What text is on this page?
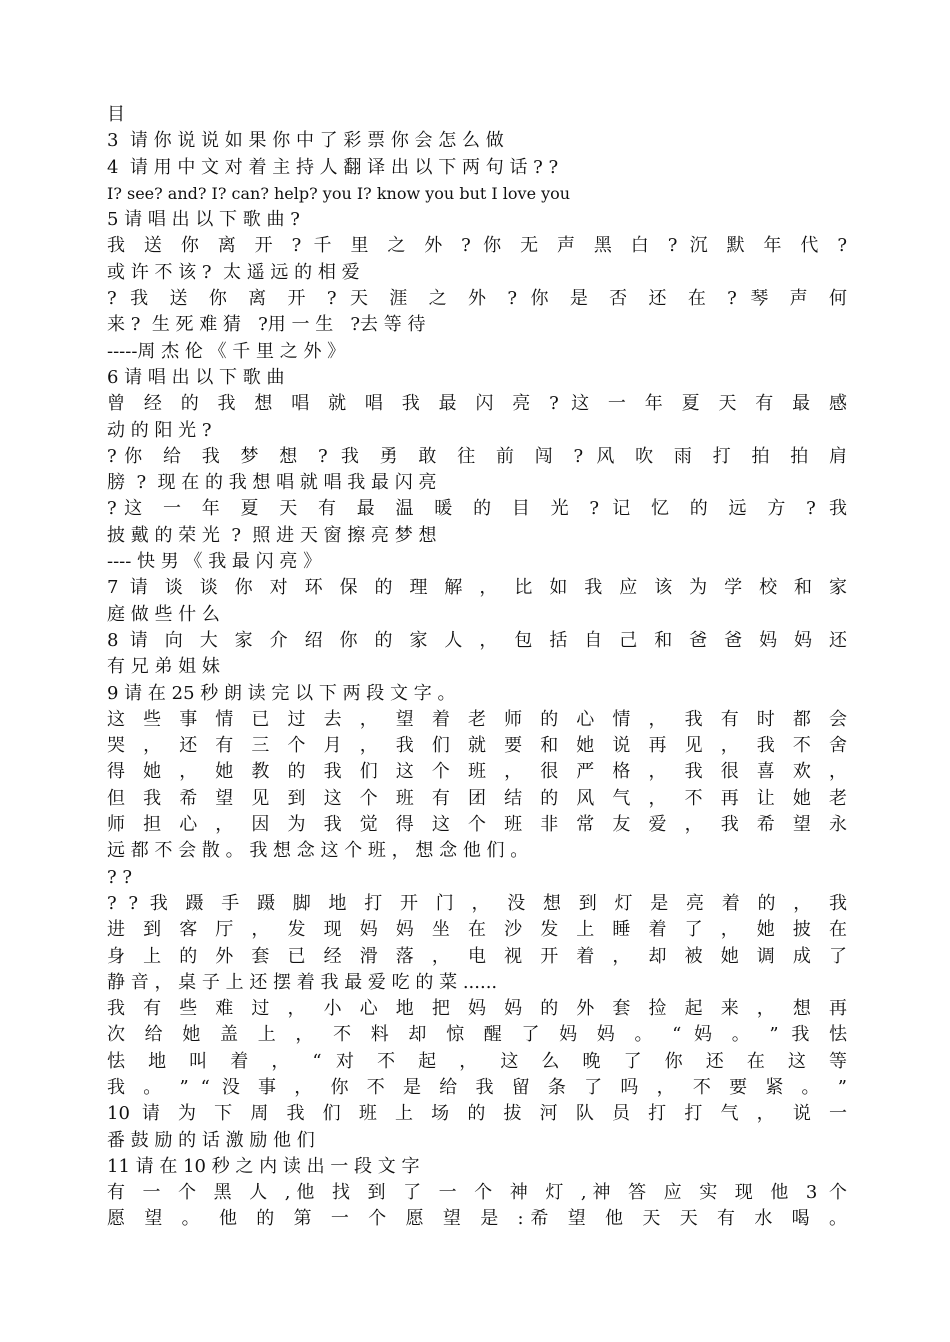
目
3  请 你 说 说 如 果 你 中 了 彩 票 你 会 怎 么 做
4  请 用 中 文 对 着 主 持 人 翻 译 出 以 下 两 句 话 ? ?
I? see? and? I? can? help? you I? know you but I love you
5 请 唱 出 以 下 歌 曲 ?
我 送 你 离 开 ? 千 里 之 外 ? 你 无 声 黑 白 ? 沉 默 年 代 ?
或 许 不 该 ?  太 遥 远 的 相 爱
? 我 送 你 离 开 ? 天 涯 之 外 ? 你 是 否 还 在 ? 琴 声 何
来 ?  生 死 难 猜   ?用 一 生   ?去 等 待
-----周 杰 伦 《 千 里 之 外 》
6 请 唱 出 以 下 歌 曲
曾 经 的 我 想 唱 就 唱 我 最 闪 亮 ? 这 一 年 夏 天 有 最 感
动 的 阳 光 ?
?你 给 我 梦 想 ? 我 勇 敢 往 前 闯 ? 风 吹 雨 打 拍 拍 肩
膀  ?  现 在 的 我 想 唱 就 唱 我 最 闪 亮
?这 一 年 夏 天 有 最 温 暖 的 目 光 ? 记 忆 的 远 方 ? 我
披 戴 的 荣 光  ?  照 进 天 窗 擦 亮 梦 想
---- 快 男 《 我 最 闪 亮 》
7 请 谈 谈 你 对 环 保 的 理 解 ， 比 如 我 应 该 为 学 校 和 家
庭 做 些 什 么
8 请 向 大 家 介 绍 你 的 家 人 ， 包 括 自 己 和 爸 爸 妈 妈 还
有 兄 弟 姐 妹
9 请 在 25 秒 朗 读 完 以 下 两 段 文 字 。
这 些 事 情 已 过 去 ， 望 着 老 师 的 心 情 ， 我 有 时 都 会
哭 ， 还 有 三 个 月 ， 我 们 就 要 和 她 说 再 见 ， 我 不 舍
得 她 ， 她 教 的 我 们 这 个 班 ， 很 严 格 ， 我 很 喜 欢 ，
但 我 希 望 见 到 这 个 班 有 团 结 的 风 气 ， 不 再 让 她 老
师 担 心 ， 因 为 我 觉 得 这 个 班 非 常 友 爱 ， 我 希 望 永
远 都 不 会 散 。 我 想 念 这 个 班 ， 想 念 他 们 。
? ?
? ? 我 蹑 手 蹑 脚 地 打 开 门 ， 没 想 到 灯 是 亮 着 的 ， 我
进 到 客 厅 ， 发 现 妈 妈 坐 在 沙 发 上 睡 着 了 ， 她 披 在
身 上 的 外 套 已 经 滑 落 ， 电 视 开 着 ， 却 被 她 调 成 了
静 音 ， 桌 子 上 还 摆 着 我 最 爱 吃 的 菜 ......
我 有 些 难 过 ， 小 心 地 把 妈 妈 的 外 套 捡 起 来 ， 想 再
次 给 她 盖 上 ， 不 料 却 惊 醒 了 妈 妈 。 “ 妈 。 ” 我 怯
怯 地 叫 着 ， “ 对 不 起 ， 这 么 晚 了 你 还 在 这 等
我 。 ” “ 没 事 ， 你 不 是 给 我 留 条 了 吗 ， 不 要 紧 。 ”
10 请 为 下 周 我 们 班 上 场 的 拔 河 队 员 打 打 气 ， 说 一
番 鼓 励 的 话 激 励 他 们
11 请 在 10 秒 之 内 读 出 一 段 文 字
有 一 个 黑 人 ,他 找 到 了 一 个 神 灯 ,神 答 应 实 现 他 3 个
愿 望 。 他 的 第 一 个 愿 望 是 :希 望 他 天 天 有 水 喝 。
